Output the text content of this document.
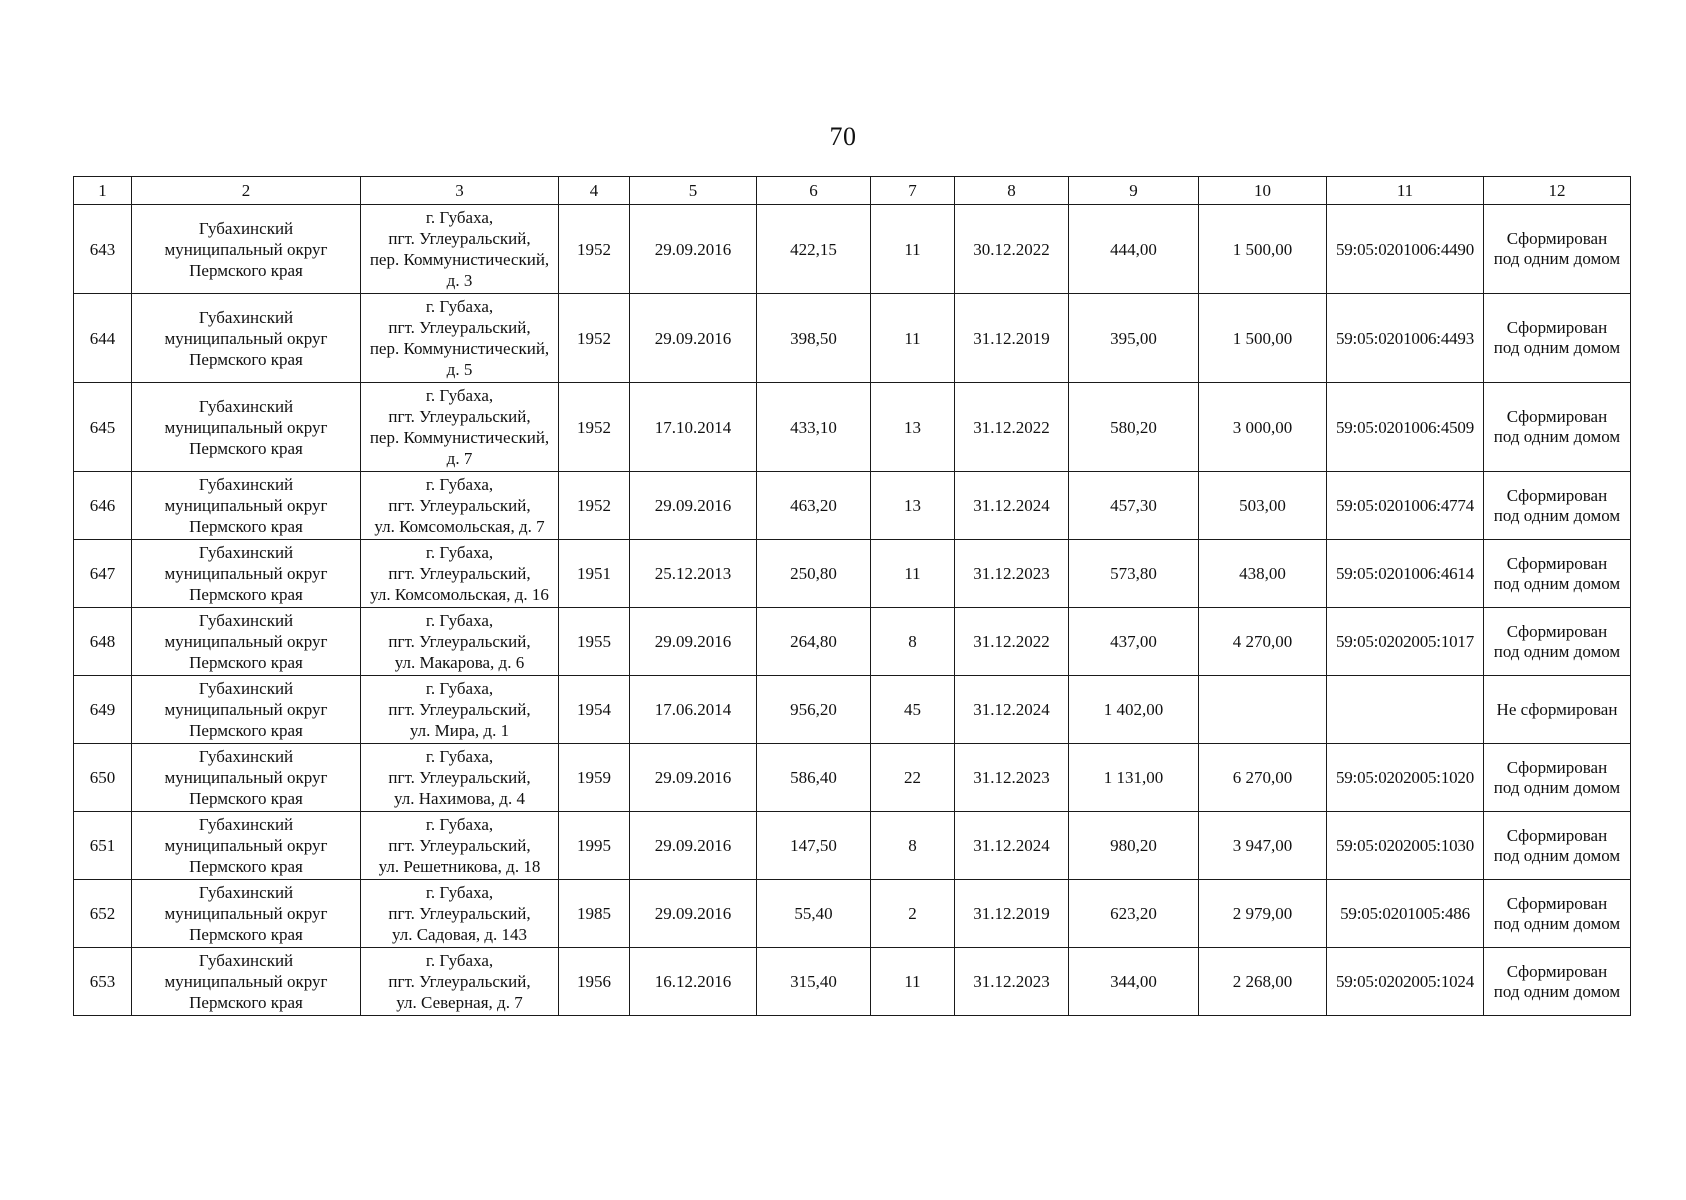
70
1	2	3	4	5	6	7	8	9	10	11	12
643	Губахинский
муниципальный округ
Пермского края	г. Губаха,
пгт. Углеуральский,
пер. Коммунистический,
д. 3	1952	29.09.2016	422,15	11	30.12.2022	444,00	1 500,00	59:05:0201006:4490	Сформирован
под одним домом

644	Губахинский
муниципальный округ
Пермского края	г. Губаха,
пгт. Углеуральский,
пер. Коммунистический,
д. 5	1952	29.09.2016	398,50	11	31.12.2019	395,00	1 500,00	59:05:0201006:4493	Сформирован
под одним домом

645	Губахинский
муниципальный округ
Пермского края	г. Губаха,
пгт. Углеуральский,
пер. Коммунистический,
д. 7	1952	17.10.2014	433,10	13	31.12.2022	580,20	3 000,00	59:05:0201006:4509	Сформирован
под одним домом

646	Губахинский
муниципальный округ
Пермского края	г. Губаха,
пгт. Углеуральский,
ул. Комсомольская, д. 7	1952	29.09.2016	463,20	13	31.12.2024	457,30	503,00	59:05:0201006:4774	Сформирован
под одним домом

647	Губахинский
муниципальный округ
Пермского края	г. Губаха,
пгт. Углеуральский,
ул. Комсомольская, д. 16	1951	25.12.2013	250,80	11	31.12.2023	573,80	438,00	59:05:0201006:4614	Сформирован
под одним домом

648	Губахинский
муниципальный округ
Пермского края	г. Губаха,
пгт. Углеуральский,
ул. Макарова, д. 6	1955	29.09.2016	264,80	8	31.12.2022	437,00	4 270,00	59:05:0202005:1017	Сформирован
под одним домом

649	Губахинский
муниципальный округ
Пермского края	г. Губаха,
пгт. Углеуральский,
ул. Мира, д. 1	1954	17.06.2014	956,20	45	31.12.2024	1 402,00			Не сформирован

650	Губахинский
муниципальный округ
Пермского края	г. Губаха,
пгт. Углеуральский,
ул. Нахимова, д. 4	1959	29.09.2016	586,40	22	31.12.2023	1 131,00	6 270,00	59:05:0202005:1020	Сформирован
под одним домом

651	Губахинский
муниципальный округ
Пермского края	г. Губаха,
пгт. Углеуральский,
ул. Решетникова, д. 18	1995	29.09.2016	147,50	8	31.12.2024	980,20	3 947,00	59:05:0202005:1030	Сформирован
под одним домом

652	Губахинский
муниципальный округ
Пермского края	г. Губаха,
пгт. Углеуральский,
ул. Садовая, д. 143	1985	29.09.2016	55,40	2	31.12.2019	623,20	2 979,00	59:05:0201005:486	Сформирован
под одним домом

653	Губахинский
муниципальный округ
Пермского края	г. Губаха,
пгт. Углеуральский,
ул. Северная, д. 7	1956	16.12.2016	315,40	11	31.12.2023	344,00	2 268,00	59:05:0202005:1024	Сформирован
под одним домом
